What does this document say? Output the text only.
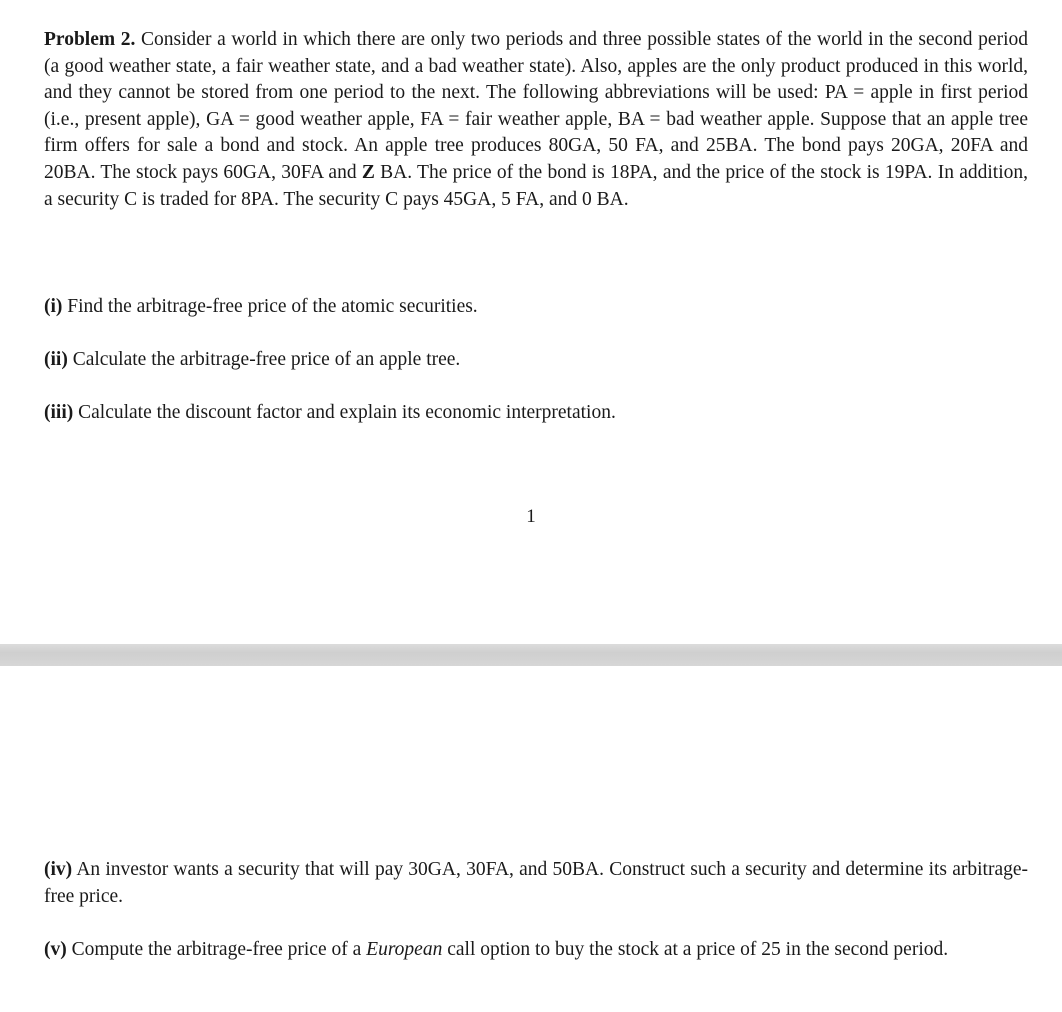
Problem 2. Consider a world in which there are only two periods and three possible states of the world in the second period (a good weather state, a fair weather state, and a bad weather state). Also, apples are the only product produced in this world, and they cannot be stored from one period to the next. The following abbreviations will be used: PA = apple in first period (i.e., present apple), GA = good weather apple, FA = fair weather apple, BA = bad weather apple. Suppose that an apple tree firm offers for sale a bond and stock. An apple tree produces 80GA, 50 FA, and 25BA. The bond pays 20GA, 20FA and 20BA. The stock pays 60GA, 30FA and Z BA. The price of the bond is 18PA, and the price of the stock is 19PA. In addition, a security C is traded for 8PA. The security C pays 45GA, 5 FA, and 0 BA.
(i) Find the arbitrage-free price of the atomic securities.
(ii) Calculate the arbitrage-free price of an apple tree.
(iii) Calculate the discount factor and explain its economic interpretation.
1
(iv) An investor wants a security that will pay 30GA, 30FA, and 50BA. Construct such a security and determine its arbitrage-free price.
(v) Compute the arbitrage-free price of a European call option to buy the stock at a price of 25 in the second period.
